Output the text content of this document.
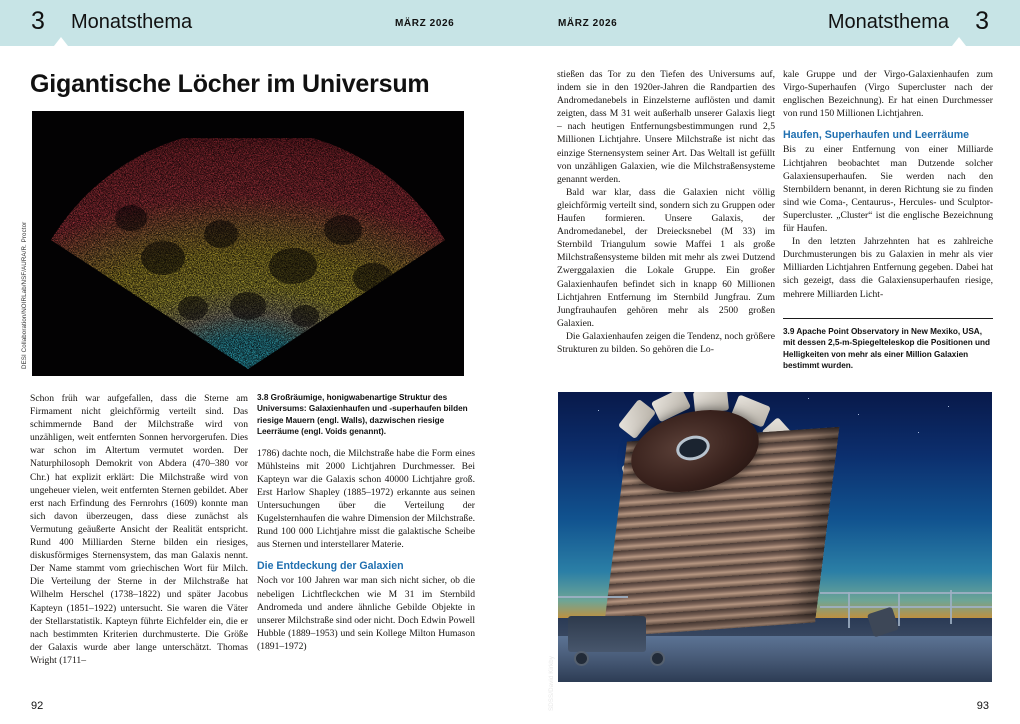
3 Monatsthema	MÄRZ 2026	MÄRZ 2026	Monatsthema 3
Gigantische Löcher im Universum
DESI Collaboration/NOIRLab/NSF/AURA/R. Proctor
SDSS/David Kirkby

Schon früh war aufgefallen, dass die Sterne am Firmament nicht gleichförmig verteilt sind. Das schimmernde Band der Milchstraße wird von unzähligen, weit entfernten Sonnen hervorgerufen. Dies war schon im Altertum vermutet worden. Der Naturphilosoph Demokrit von Abdera (470–380 vor Chr.) hat explizit erklärt: Die Milchstraße wird von ungeheuer vielen, weit entfernten Sternen gebildet. Aber erst nach Erfindung des Fernrohrs (1609) konnte man sich davon überzeugen, dass diese zunächst als Vermutung geäußerte Ansicht der Realität entspricht. Rund 400 Milliarden Sterne bilden ein riesiges, diskusförmiges Sternensystem, das man Galaxis nennt. Der Name stammt vom griechischen Wort für Milch. Die Verteilung der Sterne in der Milchstraße hat Wilhelm Herschel (1738–1822) und später Jacobus Kapteyn (1851–1922) untersucht. Sie waren die Väter der Stellarstatistik. Kapteyn führte Eichfelder ein, die er nach bestimmten Kriterien durchmusterte. Die Größe der Galaxis wurde aber lange unterschätzt. Thomas Wright (1711–

3.8 Großräumige, honigwabenartige Struktur des Universums: Galaxienhaufen und -superhaufen bilden riesige Mauern (engl. Walls), dazwischen riesige Leerräume (engl. Voids genannt).

1786) dachte noch, die Milchstraße habe die Form eines Mühlsteins mit 2000 Lichtjahren Durchmesser. Bei Kapteyn war die Galaxis schon 40000 Lichtjahre groß. Erst Harlow Shapley (1885–1972) erkannte aus seinen Untersuchungen über die Verteilung der Kugelsternhaufen die wahre Dimension der Milchstraße. Rund 100 000 Lichtjahre misst die galaktische Scheibe aus Sternen und interstellarer Materie.

Die Entdeckung der Galaxien

Noch vor 100 Jahren war man sich nicht sicher, ob die nebeligen Lichtfleckchen wie M 31 im Sternbild Andromeda und andere ähnliche Gebilde Objekte in unserer Milchstraße sind oder nicht. Doch Edwin Powell Hubble (1889–1953) und sein Kollege Milton Humason (1891–1972)

stießen das Tor zu den Tiefen des Universums auf, indem sie in den 1920er-Jahren die Randpartien des Andromedanebels in Einzelsterne auflösten und damit zeigten, dass M 31 weit außerhalb unserer Galaxis liegt – nach heutigen Entfernungsbestimmungen rund 2,5 Millionen Lichtjahre. Unsere Milchstraße ist nicht das einzige Sternensystem seiner Art. Das Weltall ist gefüllt von unzähligen Galaxien, wie die Milchstraßensysteme genannt werden.

Bald war klar, dass die Galaxien nicht völlig gleichförmig verteilt sind, sondern sich zu Gruppen oder Haufen formieren. Unsere Galaxis, der Andromedanebel, der Dreiecksnebel (M 33) im Sternbild Triangulum sowie Maffei 1 als große Milchstraßensysteme bilden mit mehr als zwei Dutzend Zwerggalaxien die Lokale Gruppe. Ein großer Galaxienhaufen befindet sich in knapp 60 Millionen Lichtjahren Entfernung im Sternbild Jungfrau. Zum Jungfrauhaufen gehören mehr als 2500 großen Galaxien.

Die Galaxienhaufen zeigen die Tendenz, noch größere Strukturen zu bilden. So gehören die Lo-

kale Gruppe und der Virgo-Galaxienhaufen zum Virgo-Superhaufen (Virgo Supercluster nach der englischen Bezeichnung). Er hat einen Durchmesser von rund 150 Millionen Lichtjahren.

Haufen, Superhaufen und Leerräume

Bis zu einer Entfernung von einer Milliarde Lichtjahren beobachtet man Dutzende solcher Galaxiensuperhaufen. Sie werden nach den Sternbildern benannt, in deren Richtung sie zu finden sind wie Coma-, Centaurus-, Hercules- und Sculptor-Supercluster. „Cluster“ ist die englische Bezeichnung für Haufen.

In den letzten Jahrzehnten hat es zahlreiche Durchmusterungen bis zu Galaxien in mehr als vier Milliarden Lichtjahren Entfernung gegeben. Dabei hat sich gezeigt, dass die Galaxiensuperhaufen riesige, mehrere Milliarden Licht-

3.9 Apache Point Observatory in New Mexiko, USA, mit dessen 2,5-m-Spiegelteleskop die Positionen und Helligkeiten von mehr als einer Million Galaxien bestimmt wurden.

92	93
